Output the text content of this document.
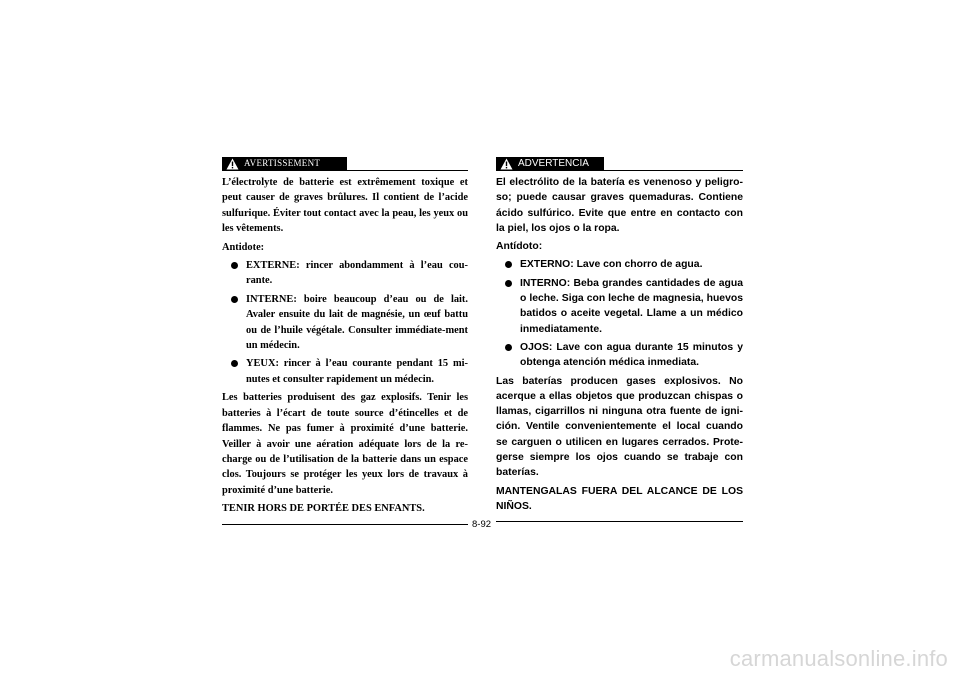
AVERTISSEMENT

L’électrolyte de batterie est extrêmement toxique et peut causer de graves brûlures. Il contient de l’acide sulfurique. Éviter tout contact avec la peau, les yeux ou les vêtements.

Antidote:

EXTERNE: rincer abondamment à l’eau cou-rante.
INTERNE: boire beaucoup d’eau ou de lait. Avaler ensuite du lait de magnésie, un œuf battu ou de l’huile végétale. Consulter immédiate-ment un médecin.
YEUX: rincer à l’eau courante pendant 15 mi-nutes et consulter rapidement un médecin.

Les batteries produisent des gaz explosifs. Tenir les batteries à l’écart de toute source d’étincelles et de flammes. Ne pas fumer à proximité d’une batterie. Veiller à avoir une aération adéquate lors de la re-charge ou de l’utilisation de la batterie dans un espace clos. Toujours se protéger les yeux lors de travaux à proximité d’une batterie.

TENIR HORS DE PORTÉE DES ENFANTS.

ADVERTENCIA

El electrólito de la batería es venenoso y peligro-so; puede causar graves quemaduras. Contiene ácido sulfúrico. Evite que entre en contacto con la piel, los ojos o la ropa.

Antídoto:

EXTERNO: Lave con chorro de agua.
INTERNO: Beba grandes cantidades de agua o leche. Siga con leche de magnesia, huevos batidos o aceite vegetal. Llame a un médico inmediatamente.
OJOS: Lave con agua durante 15 minutos y obtenga atención médica inmediata.

Las baterías producen gases explosivos. No acerque a ellas objetos que produzcan chispas o llamas, cigarrillos ni ninguna otra fuente de igni-ción. Ventile convenientemente el local cuando se carguen o utilicen en lugares cerrados. Prote-gerse siempre los ojos cuando se trabaje con baterías.

MANTENGALAS FUERA DEL ALCANCE DE LOS NIÑOS.

8-92
carmanualsonline.info
